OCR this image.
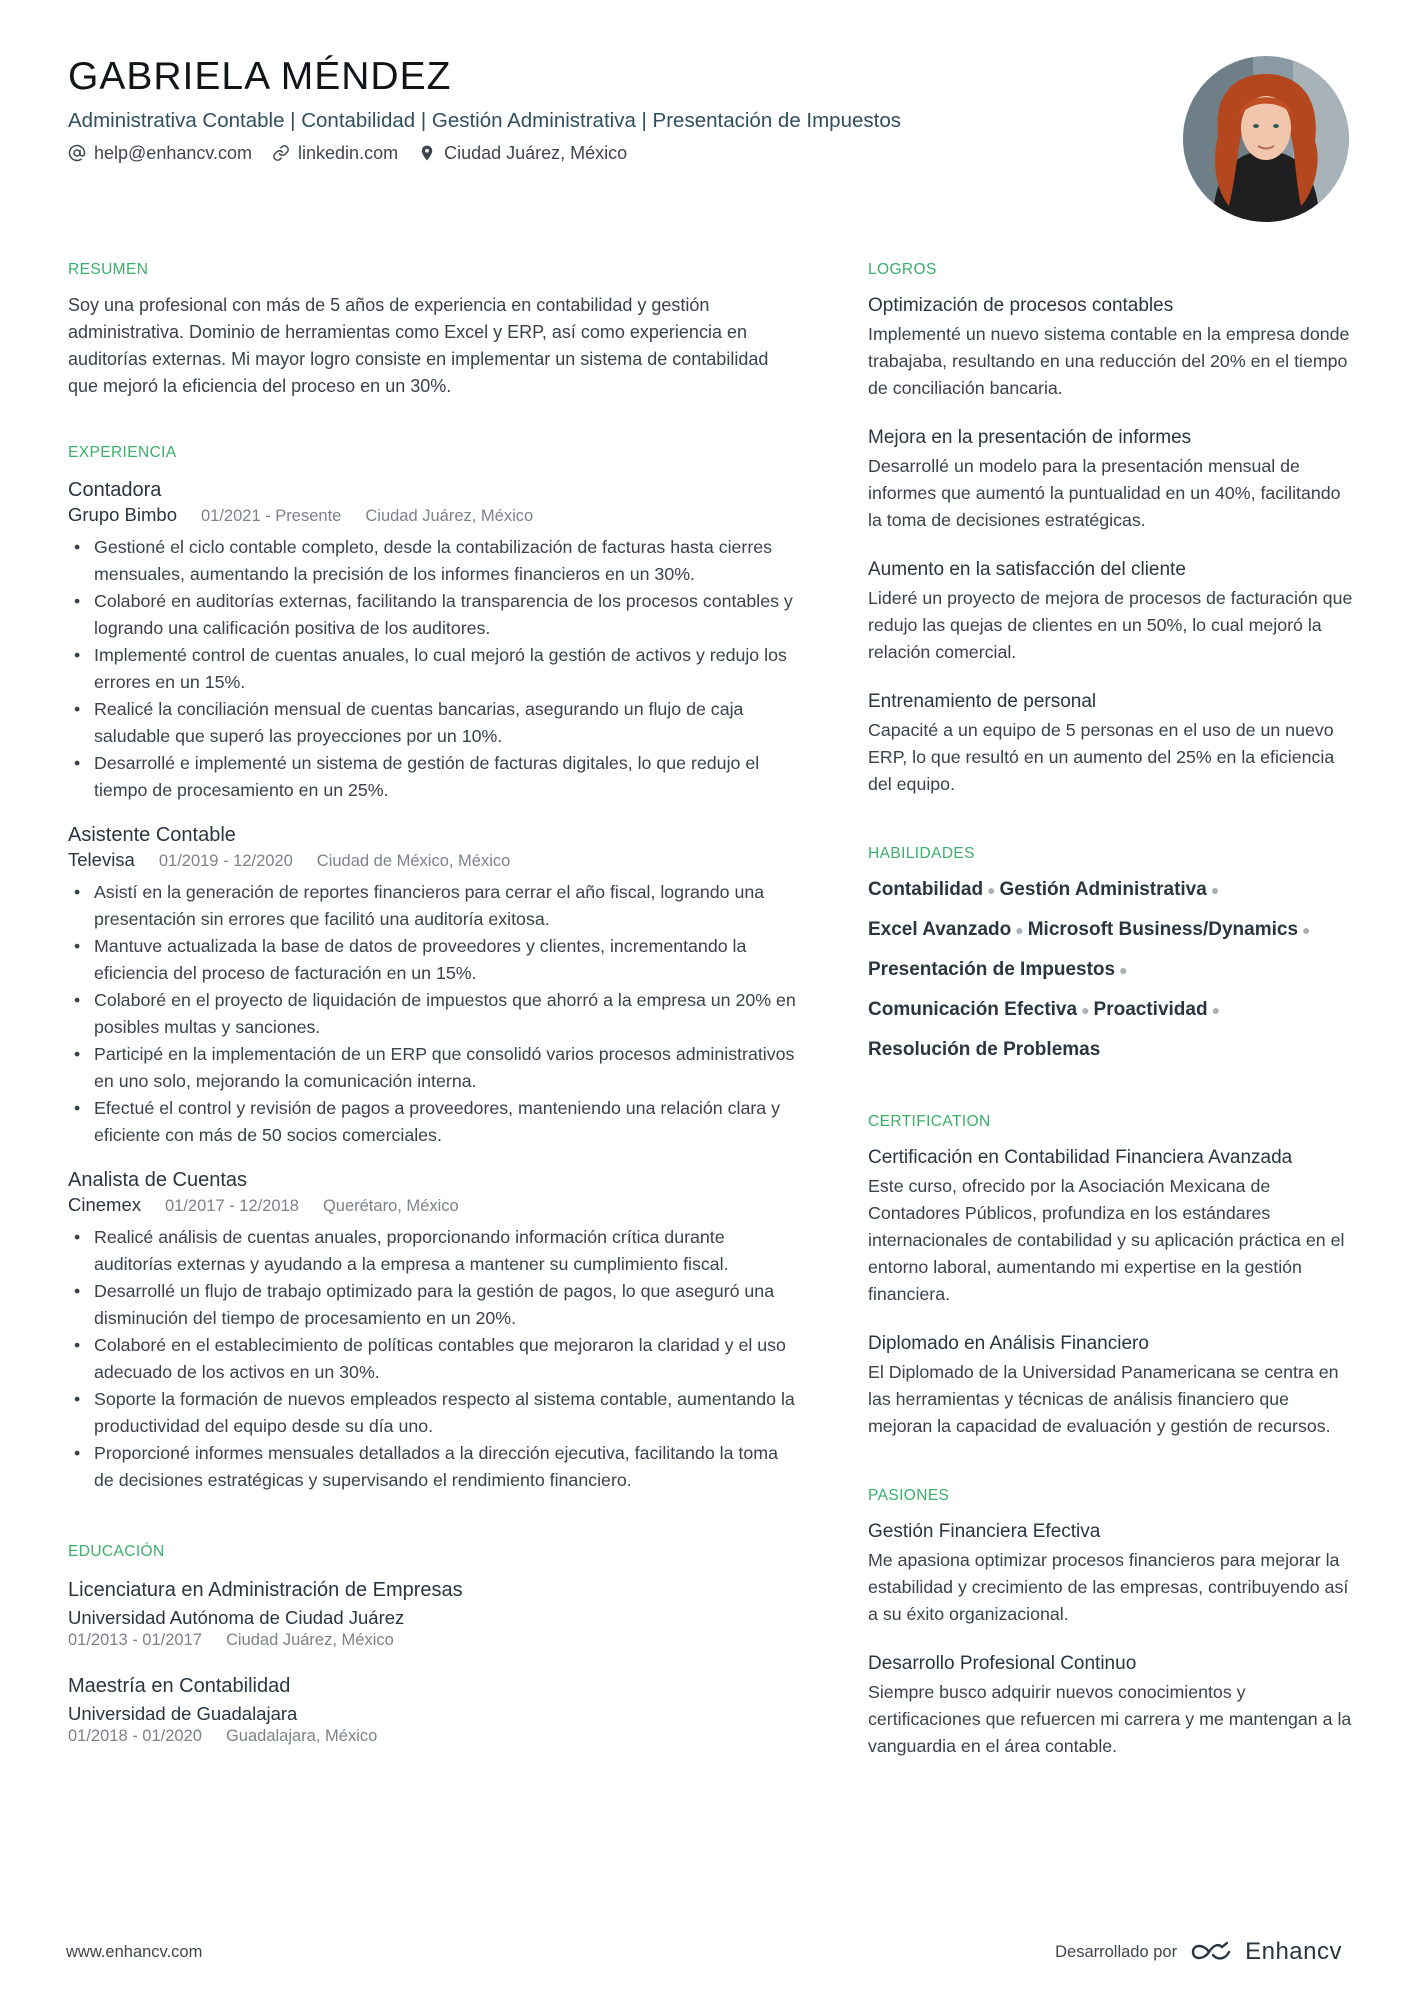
GABRIELA MÉNDEZ
Administrativa Contable | Contabilidad | Gestión Administrativa | Presentación de Impuestos
help@enhancv.com	linkedin.com	Ciudad Juárez, México
RESUMEN

Soy una profesional con más de 5 años de experiencia en contabilidad y gestión administrativa. Dominio de herramientas como Excel y ERP, así como experiencia en auditorías externas. Mi mayor logro consiste en implementar un sistema de contabilidad que mejoró la eficiencia del proceso en un 30%.

EXPERIENCIA
Contadora
Grupo Bimbo 01/2021 - Presente Ciudad Juárez, México
• Gestioné el ciclo contable completo, desde la contabilización de facturas hasta cierres mensuales, aumentando la precisión de los informes financieros en un 30%.
• Colaboré en auditorías externas, facilitando la transparencia de los procesos contables y logrando una calificación positiva de los auditores.
• Implementé control de cuentas anuales, lo cual mejoró la gestión de activos y redujo los errores en un 15%.
• Realicé la conciliación mensual de cuentas bancarias, asegurando un flujo de caja saludable que superó las proyecciones por un 10%.
• Desarrollé e implementé un sistema de gestión de facturas digitales, lo que redujo el tiempo de procesamiento en un 25%.
Asistente Contable
Televisa 01/2019 - 12/2020 Ciudad de México, México
• Asistí en la generación de reportes financieros para cerrar el año fiscal, logrando una presentación sin errores que facilitó una auditoría exitosa.
• Mantuve actualizada la base de datos de proveedores y clientes, incrementando la eficiencia del proceso de facturación en un 15%.
• Colaboré en el proyecto de liquidación de impuestos que ahorró a la empresa un 20% en posibles multas y sanciones.
• Participé en la implementación de un ERP que consolidó varios procesos administrativos en uno solo, mejorando la comunicación interna.
• Efectué el control y revisión de pagos a proveedores, manteniendo una relación clara y eficiente con más de 50 socios comerciales.
Analista de Cuentas
Cinemex 01/2017 - 12/2018 Querétaro, México
• Realicé análisis de cuentas anuales, proporcionando información crítica durante auditorías externas y ayudando a la empresa a mantener su cumplimiento fiscal.
• Desarrollé un flujo de trabajo optimizado para la gestión de pagos, lo que aseguró una disminución del tiempo de procesamiento en un 20%.
• Colaboré en el establecimiento de políticas contables que mejoraron la claridad y el uso adecuado de los activos en un 30%.
• Soporte la formación de nuevos empleados respecto al sistema contable, aumentando la productividad del equipo desde su día uno.
• Proporcioné informes mensuales detallados a la dirección ejecutiva, facilitando la toma de decisiones estratégicas y supervisando el rendimiento financiero.
EDUCACIÓN
Licenciatura en Administración de Empresas
Universidad Autónoma de Ciudad Juárez
01/2013 - 01/2017 Ciudad Juárez, México
Maestría en Contabilidad
Universidad de Guadalajara
01/2018 - 01/2020 Guadalajara, México
LOGROS
Optimización de procesos contables
Implementé un nuevo sistema contable en la empresa donde trabajaba, resultando en una reducción del 20% en el tiempo de conciliación bancaria.
Mejora en la presentación de informes
Desarrollé un modelo para la presentación mensual de informes que aumentó la puntualidad en un 40%, facilitando la toma de decisiones estratégicas.
Aumento en la satisfacción del cliente
Lideré un proyecto de mejora de procesos de facturación que redujo las quejas de clientes en un 50%, lo cual mejoró la relación comercial.
Entrenamiento de personal
Capacité a un equipo de 5 personas en el uso de un nuevo ERP, lo que resultó en un aumento del 25% en la eficiencia del equipo.
HABILIDADES
Contabilidad ● Gestión Administrativa ●
Excel Avanzado ● Microsoft Business/Dynamics ●
Presentación de Impuestos ●
Comunicación Efectiva ● Proactividad ●
Resolución de Problemas
CERTIFICATION
Certificación en Contabilidad Financiera Avanzada
Este curso, ofrecido por la Asociación Mexicana de Contadores Públicos, profundiza en los estándares internacionales de contabilidad y su aplicación práctica en el entorno laboral, aumentando mi expertise en la gestión financiera.
Diplomado en Análisis Financiero
El Diplomado de la Universidad Panamericana se centra en las herramientas y técnicas de análisis financiero que mejoran la capacidad de evaluación y gestión de recursos.
PASIONES
Gestión Financiera Efectiva
Me apasiona optimizar procesos financieros para mejorar la estabilidad y crecimiento de las empresas, contribuyendo así a su éxito organizacional.
Desarrollo Profesional Continuo
Siempre busco adquirir nuevos conocimientos y certificaciones que refuercen mi carrera y me mantengan a la vanguardia en el área contable.
www.enhancv.com	Desarrollado por	Enhancv
